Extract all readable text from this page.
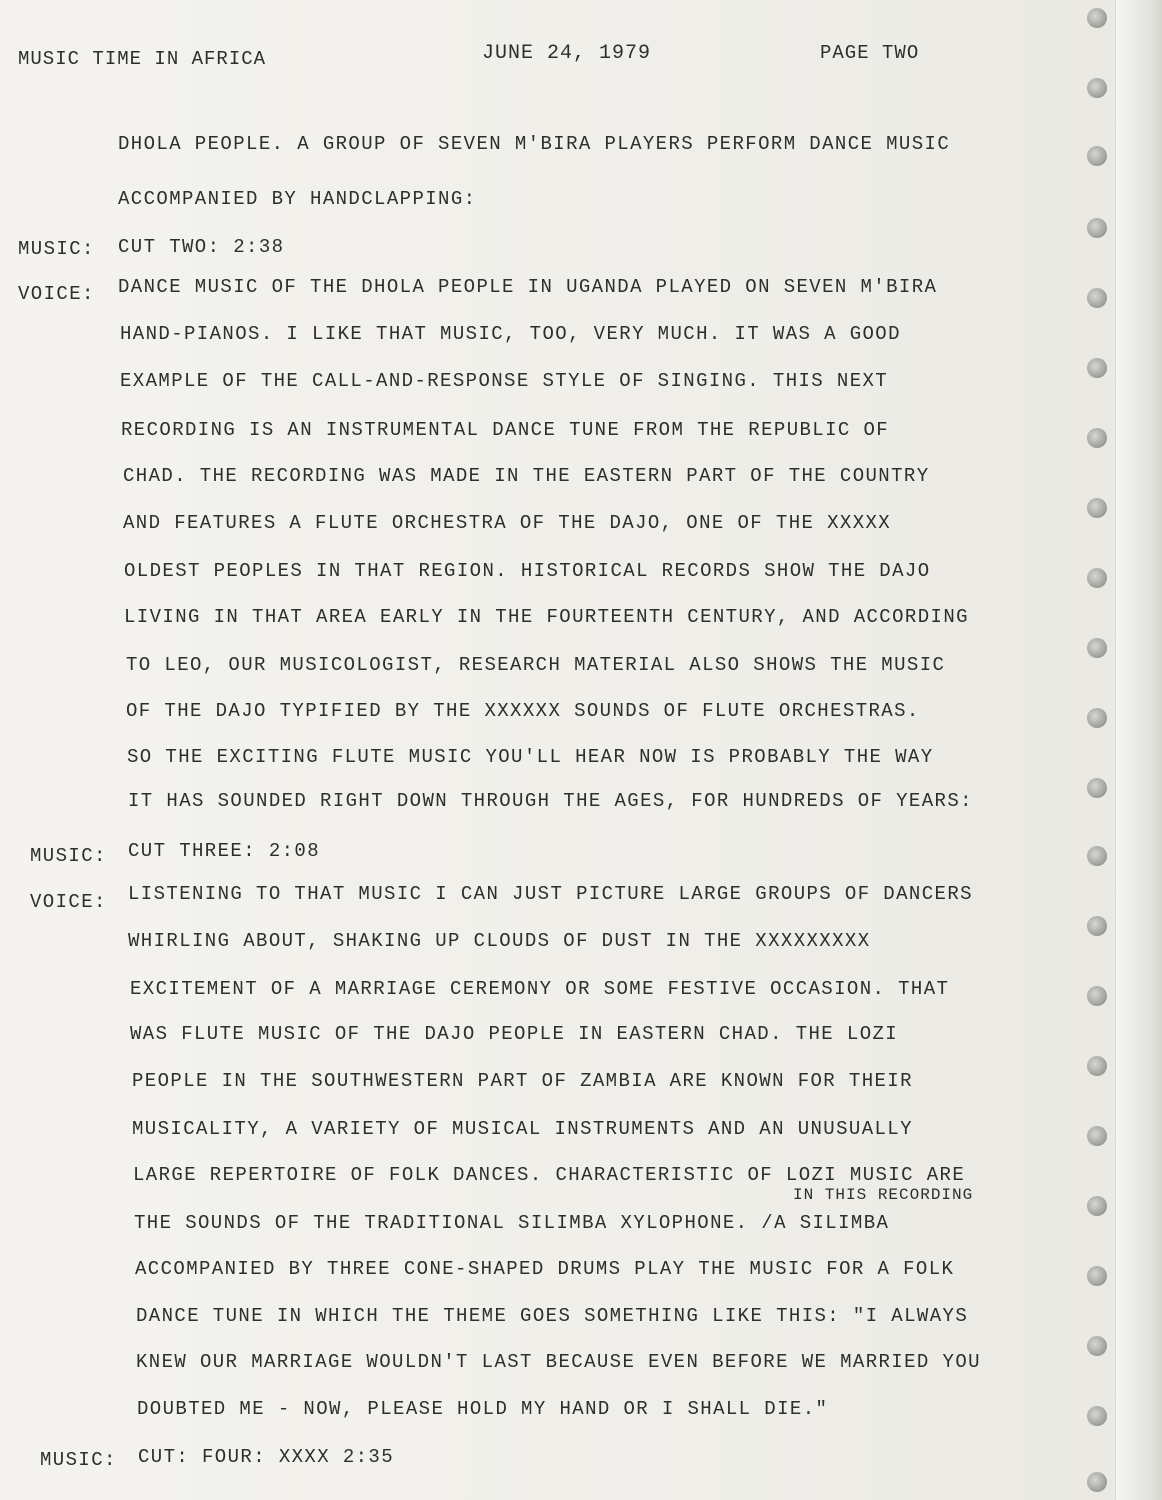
MUSIC TIME IN AFRICA	JUNE 24, 1979	PAGE TWO
DHOLA PEOPLE. A GROUP OF SEVEN M'BIRA PLAYERS PERFORM DANCE MUSIC
ACCOMPANIED BY HANDCLAPPING:
MUSIC: CUT TWO: 2:38
VOICE: DANCE MUSIC OF THE DHOLA PEOPLE IN UGANDA PLAYED ON SEVEN M'BIRA
HAND-PIANOS. I LIKE THAT MUSIC, TOO, VERY MUCH. IT WAS A GOOD
EXAMPLE OF THE CALL-AND-RESPONSE STYLE OF SINGING. THIS NEXT
RECORDING IS AN INSTRUMENTAL DANCE TUNE FROM THE REPUBLIC OF
CHAD. THE RECORDING WAS MADE IN THE EASTERN PART OF THE COUNTRY
AND FEATURES A FLUTE ORCHESTRA OF THE DAJO, ONE OF THE XXXXX
OLDEST PEOPLES IN THAT REGION. HISTORICAL RECORDS SHOW THE DAJO
LIVING IN THAT AREA EARLY IN THE FOURTEENTH CENTURY, AND ACCORDING
TO LEO, OUR MUSICOLOGIST, RESEARCH MATERIAL ALSO SHOWS THE MUSIC
OF THE DAJO TYPIFIED BY THE XXXXXX SOUNDS OF FLUTE ORCHESTRAS.
SO THE EXCITING FLUTE MUSIC YOU'LL HEAR NOW IS PROBABLY THE WAY
IT HAS SOUNDED RIGHT DOWN THROUGH THE AGES, FOR HUNDREDS OF YEARS:
MUSIC: CUT THREE: 2:08
VOICE: LISTENING TO THAT MUSIC I CAN JUST PICTURE LARGE GROUPS OF DANCERS
WHIRLING ABOUT, SHAKING UP CLOUDS OF DUST IN THE XXXXXXXXX
EXCITEMENT OF A MARRIAGE CEREMONY OR SOME FESTIVE OCCASION. THAT
WAS FLUTE MUSIC OF THE DAJO PEOPLE IN EASTERN CHAD. THE LOZI
PEOPLE IN THE SOUTHWESTERN PART OF ZAMBIA ARE KNOWN FOR THEIR
MUSICALITY, A VARIETY OF MUSICAL INSTRUMENTS AND AN UNUSUALLY
LARGE REPERTOIRE OF FOLK DANCES. CHARACTERISTIC OF LOZI MUSIC ARE
IN THIS RECORDING
THE SOUNDS OF THE TRADITIONAL SILIMBA XYLOPHONE. /A SILIMBA
ACCOMPANIED BY THREE CONE-SHAPED DRUMS PLAY THE MUSIC FOR A FOLK
DANCE TUNE IN WHICH THE THEME GOES SOMETHING LIKE THIS: "I ALWAYS
KNEW OUR MARRIAGE WOULDN'T LAST BECAUSE EVEN BEFORE WE MARRIED YOU
DOUBTED ME - NOW, PLEASE HOLD MY HAND OR I SHALL DIE."
MUSIC: CUT: FOUR: XXXX 2:35
